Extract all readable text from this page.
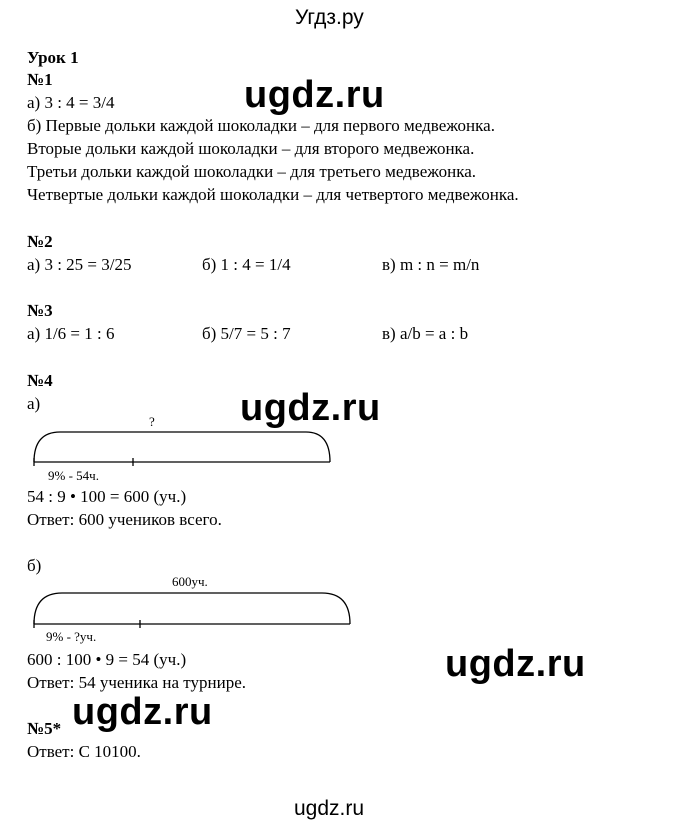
Угдз.ру
Урок 1
№1
а) 3 : 4 = 3/4
б) Первые дольки каждой шоколадки – для первого медвежонка.
Вторые дольки каждой шоколадки – для второго медвежонка.
Третьи дольки каждой шоколадки – для третьего медвежонка.
Четвертые дольки каждой шоколадки – для четвертого медвежонка.
ugdz.ru
№2
а) 3 : 25 = 3/25	б) 1 : 4 = 1/4	в) m : n = m/n
№3
а) 1/6 = 1 : 6	б) 5/7 = 5 : 7	в) a/b = a : b
№4
а)	ugdz.ru
?
9% - 54ч.
54 : 9 • 100 = 600 (уч.)
Ответ: 600 учеников всего.
б)
600уч.
9% - ?уч.
600 : 100 • 9 = 54 (уч.)
Ответ: 54 ученика на турнире.	ugdz.ru
№5* ugdz.ru
Ответ: С 10100.
ugdz.ru
